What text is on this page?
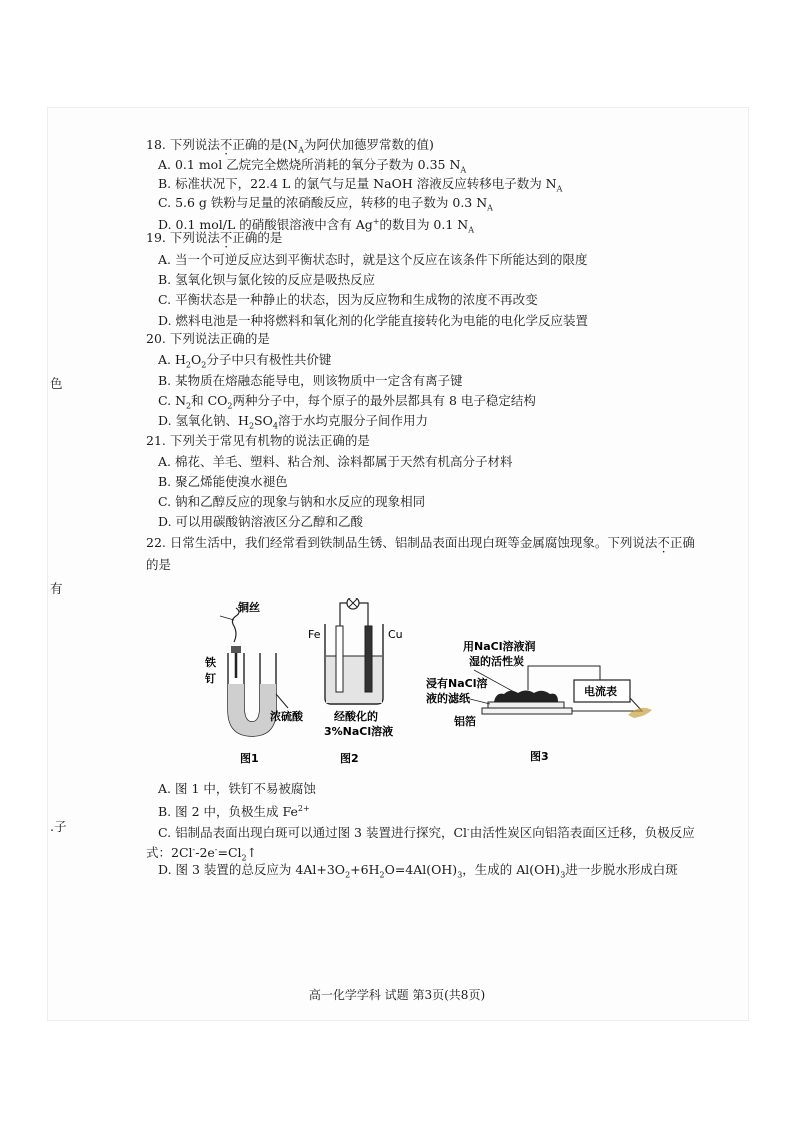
色
有
.子
18. 下列说法不正确的是($N_A$为阿伏加德罗常数的值)
A. 0.1 mol 乙烷完全燃烧所消耗的氧分子数为 0.35 $N_A$
B. 标准状况下，22.4 L 的氯气与足量 NaOH 溶液反应转移电子数为 $N_A$
C. 5.6 g 铁粉与足量的浓硝酸反应，转移的电子数为 0.3 $N_A$
D. 0.1 mol/L 的硝酸银溶液中含有 Ag+的数目为 0.1 $N_A$
19. 下列说法不正确的是
A. 当一个可逆反应达到平衡状态时，就是这个反应在该条件下所能达到的限度
B. 氢氧化钡与氯化铵的反应是吸热反应
C. 平衡状态是一种静止的状态，因为反应物和生成物的浓度不再改变
D. 燃料电池是一种将燃料和氧化剂的化学能直接转化为电能的电化学反应装置
20. 下列说法正确的是
A. $H_2O_2$分子中只有极性共价键
B. 某物质在熔融态能导电，则该物质中一定含有离子键
C. $N_2$和 $CO_2$两种分子中，每个原子的最外层都具有 8 电子稳定结构
D. 氢氧化钠、$H_2SO_4$溶于水均克服分子间作用力
21. 下列关于常见有机物的说法正确的是
A. 棉花、羊毛、塑料、粘合剂、涂料都属于天然有机高分子材料
B. 聚乙烯能使溴水褪色
C. 钠和乙醇反应的现象与钠和水反应的现象相同
D. 可以用碳酸钠溶液区分乙醇和乙酸
22. 日常生活中，我们经常看到铁制品生锈、铝制品表面出现白斑等金属腐蚀现象。下列说法不正确
的是
铜丝
铁
钉
浓硫酸
图1
Fe	Cu
经酸化的
3%NaCl溶液
图2
用NaCl溶液润
湿的活性炭
浸有NaCl溶
液的滤纸
铝箔
电流表
图3
A. 图 1 中，铁钉不易被腐蚀
B. 图 2 中，负极生成 $Fe^{2+}$
C. 铝制品表面出现白斑可以通过图 3 装置进行探究，Cl-由活性炭区向铝箔表面区迁移，负极反应
式：$2Cl^--2e^-=Cl_2↑$
D. 图 3 装置的总反应为 $4Al+3O_2+6H_2O=4Al(OH)_3$，生成的 $Al(OH)_3$进一步脱水形成白斑
高一化学学科 试题 第3页(共8页)
